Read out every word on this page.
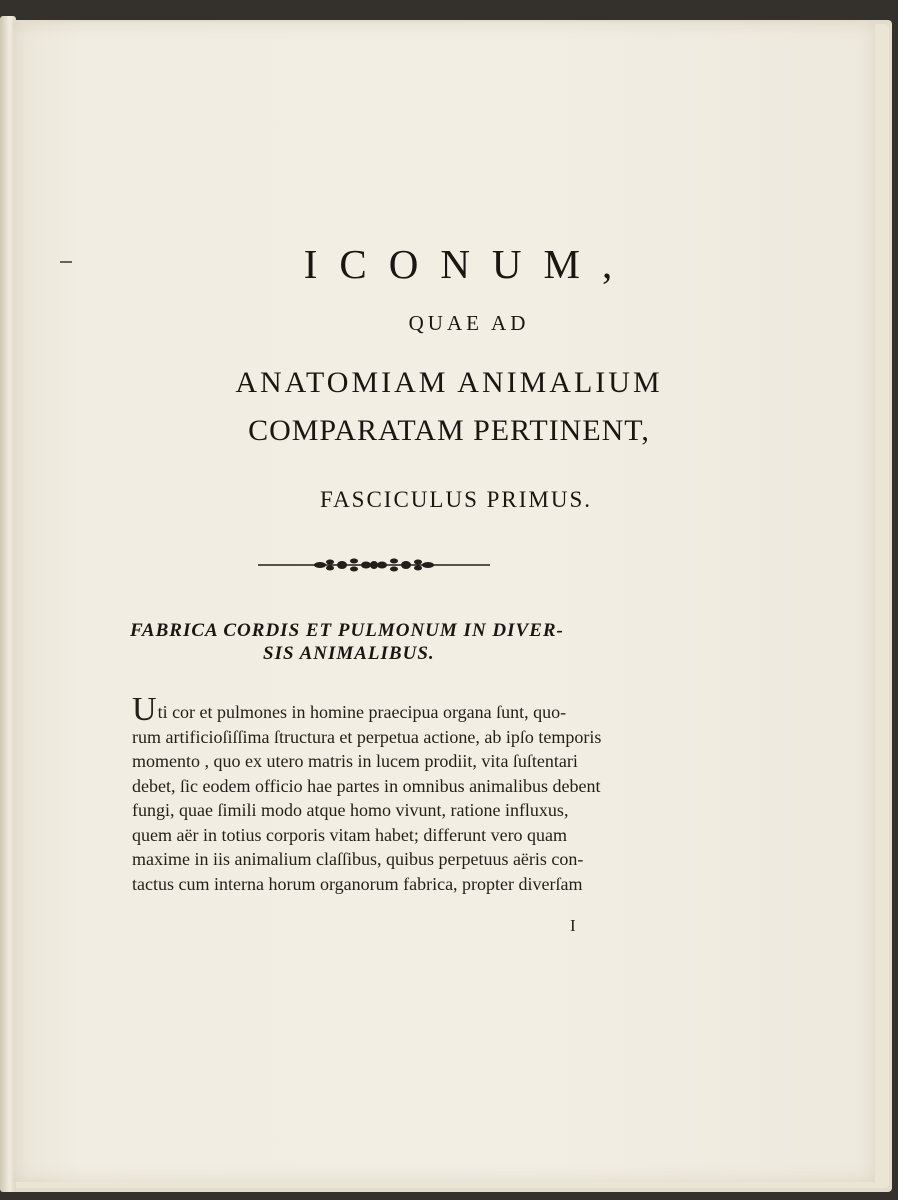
ICONUM,
QUAE AD
ANATOMIAM ANIMALIUM
COMPARATAM PERTINENT,
FASCICULUS PRIMUS.
FABRICA CORDIS ET PULMONUM IN DIVER-
SIS ANIMALIBUS.
Uti cor et pulmones in homine praecipua organa ſunt, quo-
rum artificioſiſſima ſtructura et perpetua actione, ab ipſo temporis
momento , quo ex utero matris in lucem prodiit, vita ſuſtentari
debet, ſic eodem officio hae partes in omnibus animalibus debent
fungi, quae ſimili modo atque homo vivunt, ratione influxus,
quem aër in totius corporis vitam habet; differunt vero quam
maxime in iis animalium claſſibus, quibus perpetuus aëris con-
tactus cum interna horum organorum fabrica, propter diverſam
I
